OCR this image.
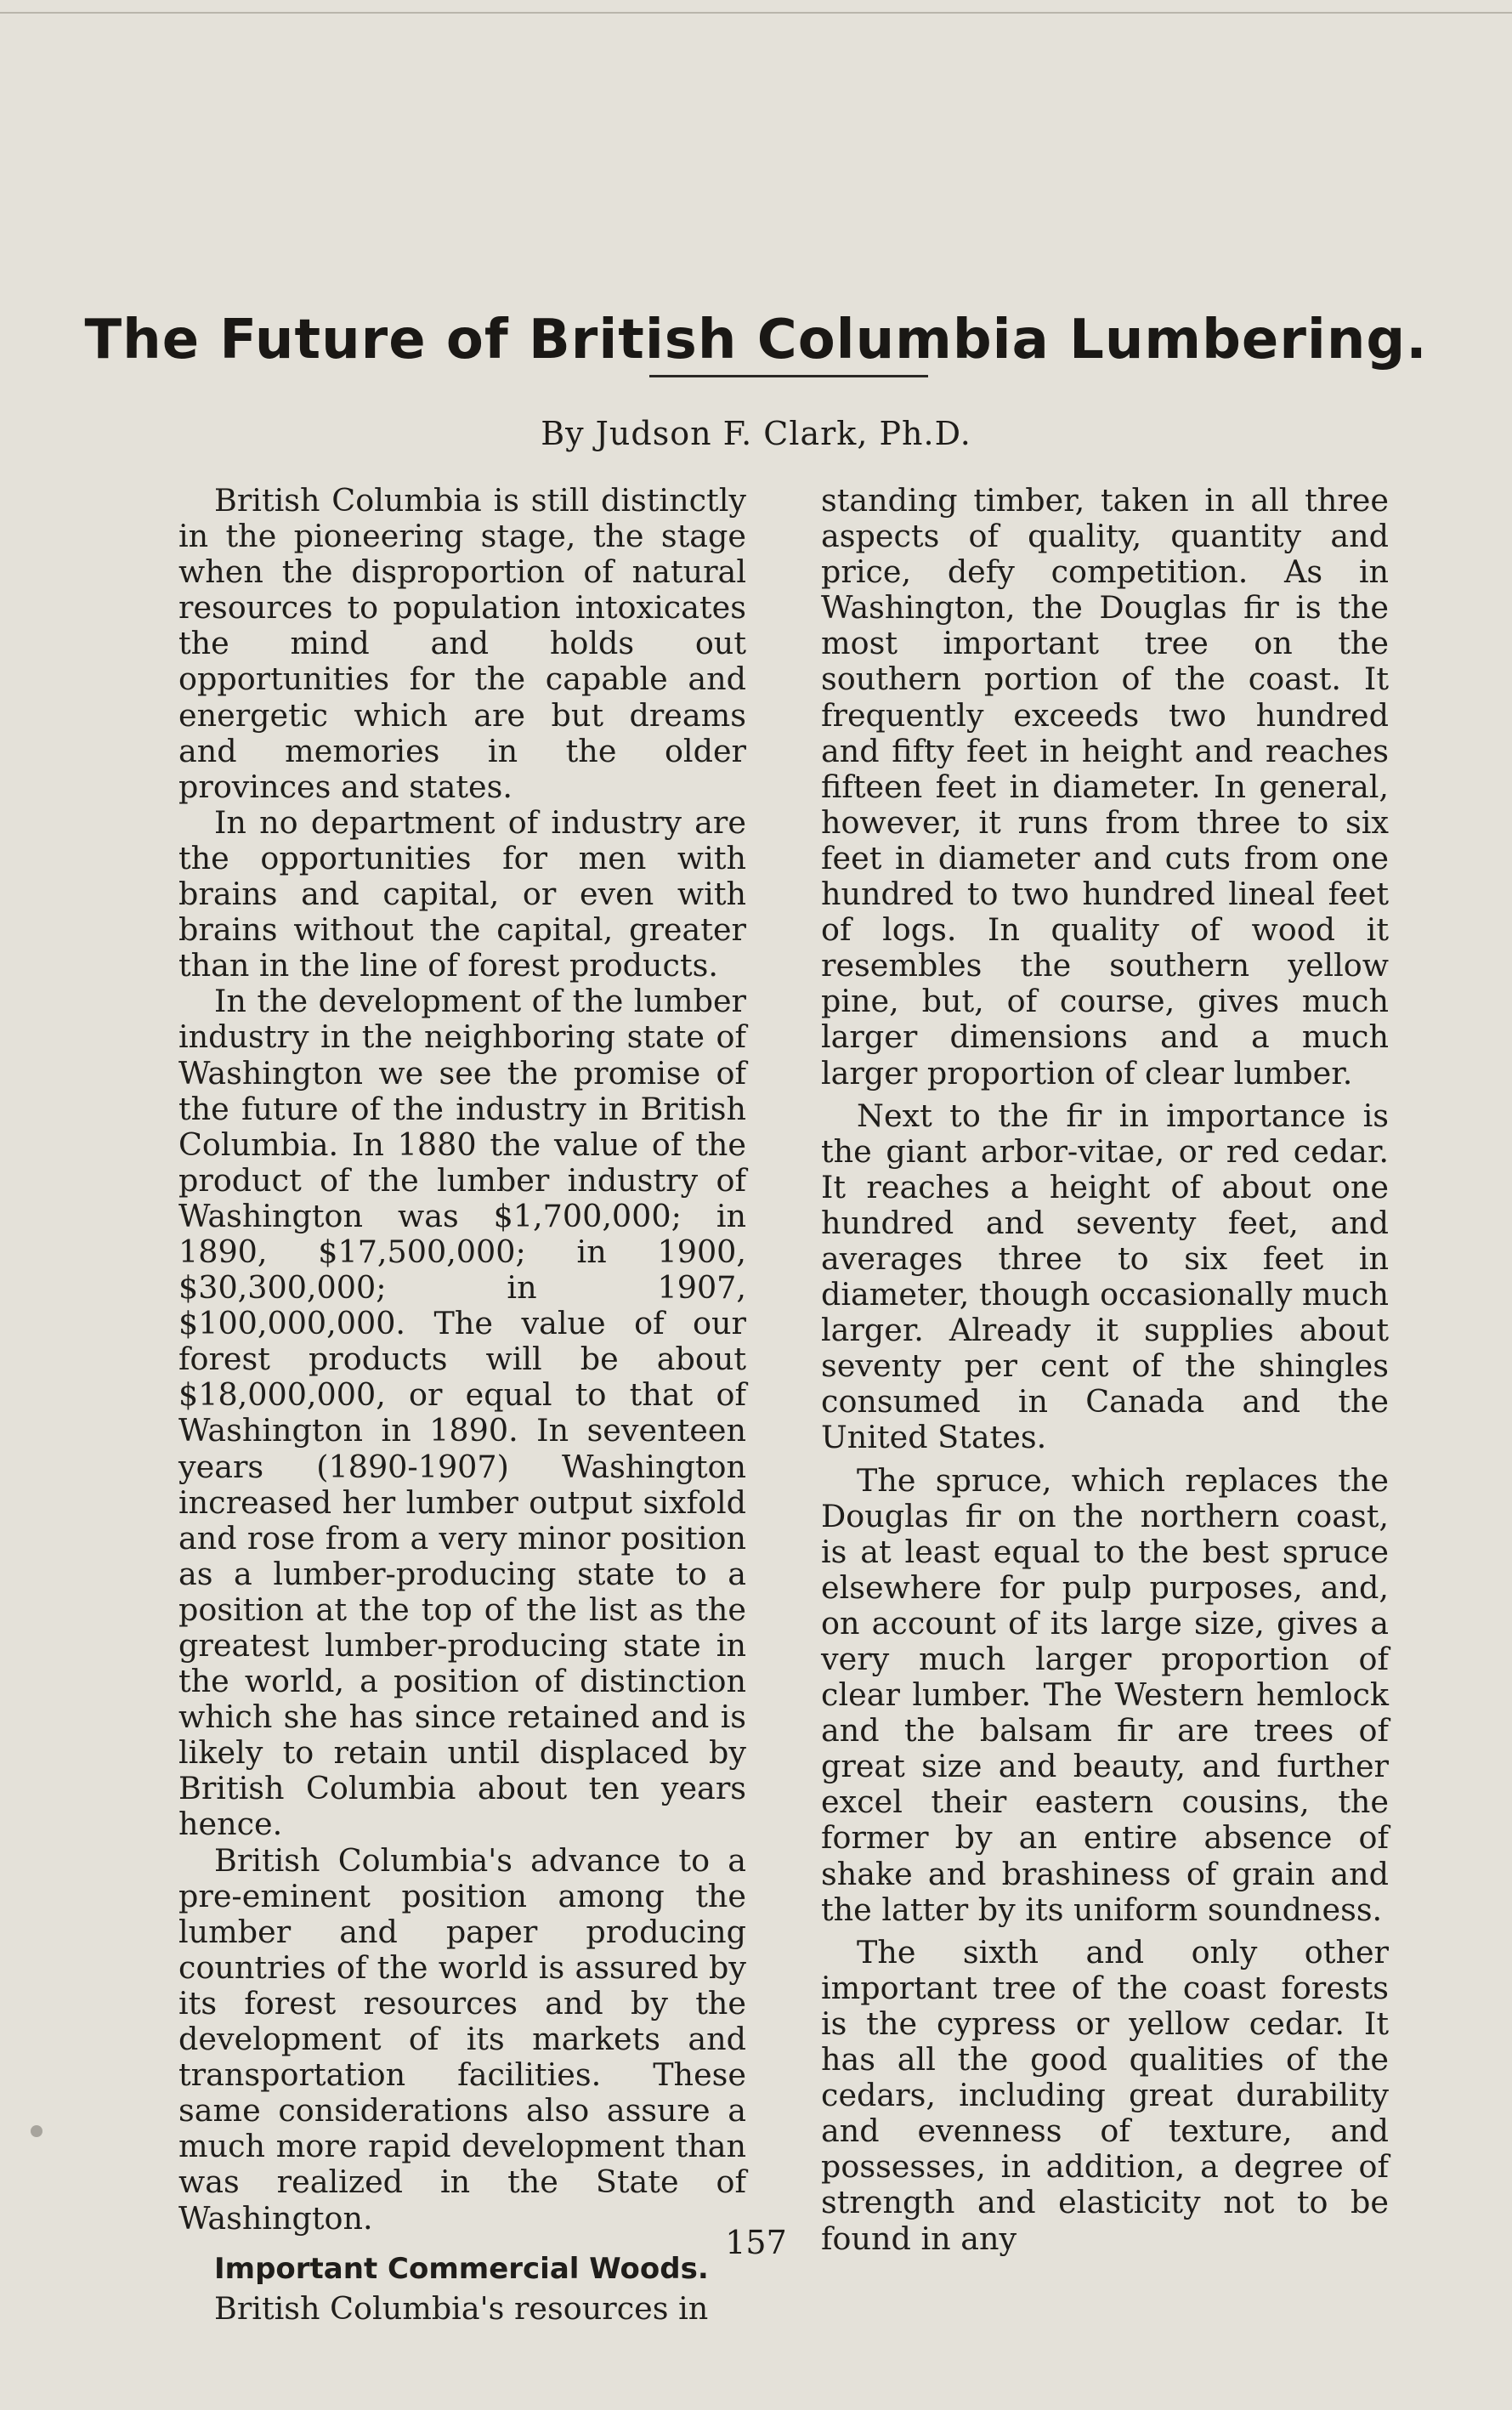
The Future of British Columbia Lumbering.
By Judson F. Clark, Ph.D.

British Columbia is still distinctly in the pioneering stage, the stage when the disproportion of natural resources to population intoxicates the mind and holds out opportunities for the capable and energetic which are but dreams and memories in the older provinces and states.

In no department of industry are the opportunities for men with brains and capital, or even with brains without the capital, greater than in the line of forest products.

In the development of the lumber industry in the neighboring state of Washington we see the promise of the future of the industry in British Columbia. In 1880 the value of the product of the lumber industry of Washington was $1,700,000; in 1890, $17,500,000; in 1900, $30,300,000; in 1907, $100,000,000. The value of our forest products will be about $18,000,000, or equal to that of Washington in 1890. In seventeen years (1890-1907) Washington increased her lumber output sixfold and rose from a very minor position as a lumber-producing state to a position at the top of the list as the greatest lumber-producing state in the world, a position of distinction which she has since retained and is likely to retain until displaced by British Columbia about ten years hence.

British Columbia's advance to a pre-eminent position among the lumber and paper producing countries of the world is assured by its forest resources and by the development of its markets and transportation facilities. These same considerations also assure a much more rapid development than was realized in the State of Washington.

Important Commercial Woods.

British Columbia's resources in

standing timber, taken in all three aspects of quality, quantity and price, defy competition. As in Washington, the Douglas fir is the most important tree on the southern portion of the coast. It frequently exceeds two hundred and fifty feet in height and reaches fifteen feet in diameter. In general, however, it runs from three to six feet in diameter and cuts from one hundred to two hundred lineal feet of logs. In quality of wood it resembles the southern yellow pine, but, of course, gives much larger dimensions and a much larger proportion of clear lumber.

Next to the fir in importance is the giant arbor-vitae, or red cedar. It reaches a height of about one hundred and seventy feet, and averages three to six feet in diameter, though occasionally much larger. Already it supplies about seventy per cent of the shingles consumed in Canada and the United States.

The spruce, which replaces the Douglas fir on the northern coast, is at least equal to the best spruce elsewhere for pulp purposes, and, on account of its large size, gives a very much larger proportion of clear lumber. The Western hemlock and the balsam fir are trees of great size and beauty, and further excel their eastern cousins, the former by an entire absence of shake and brashiness of grain and the latter by its uniform soundness.

The sixth and only other important tree of the coast forests is the cypress or yellow cedar. It has all the good qualities of the cedars, including great durability and evenness of texture, and possesses, in addition, a degree of strength and elasticity not to be found in any

157
